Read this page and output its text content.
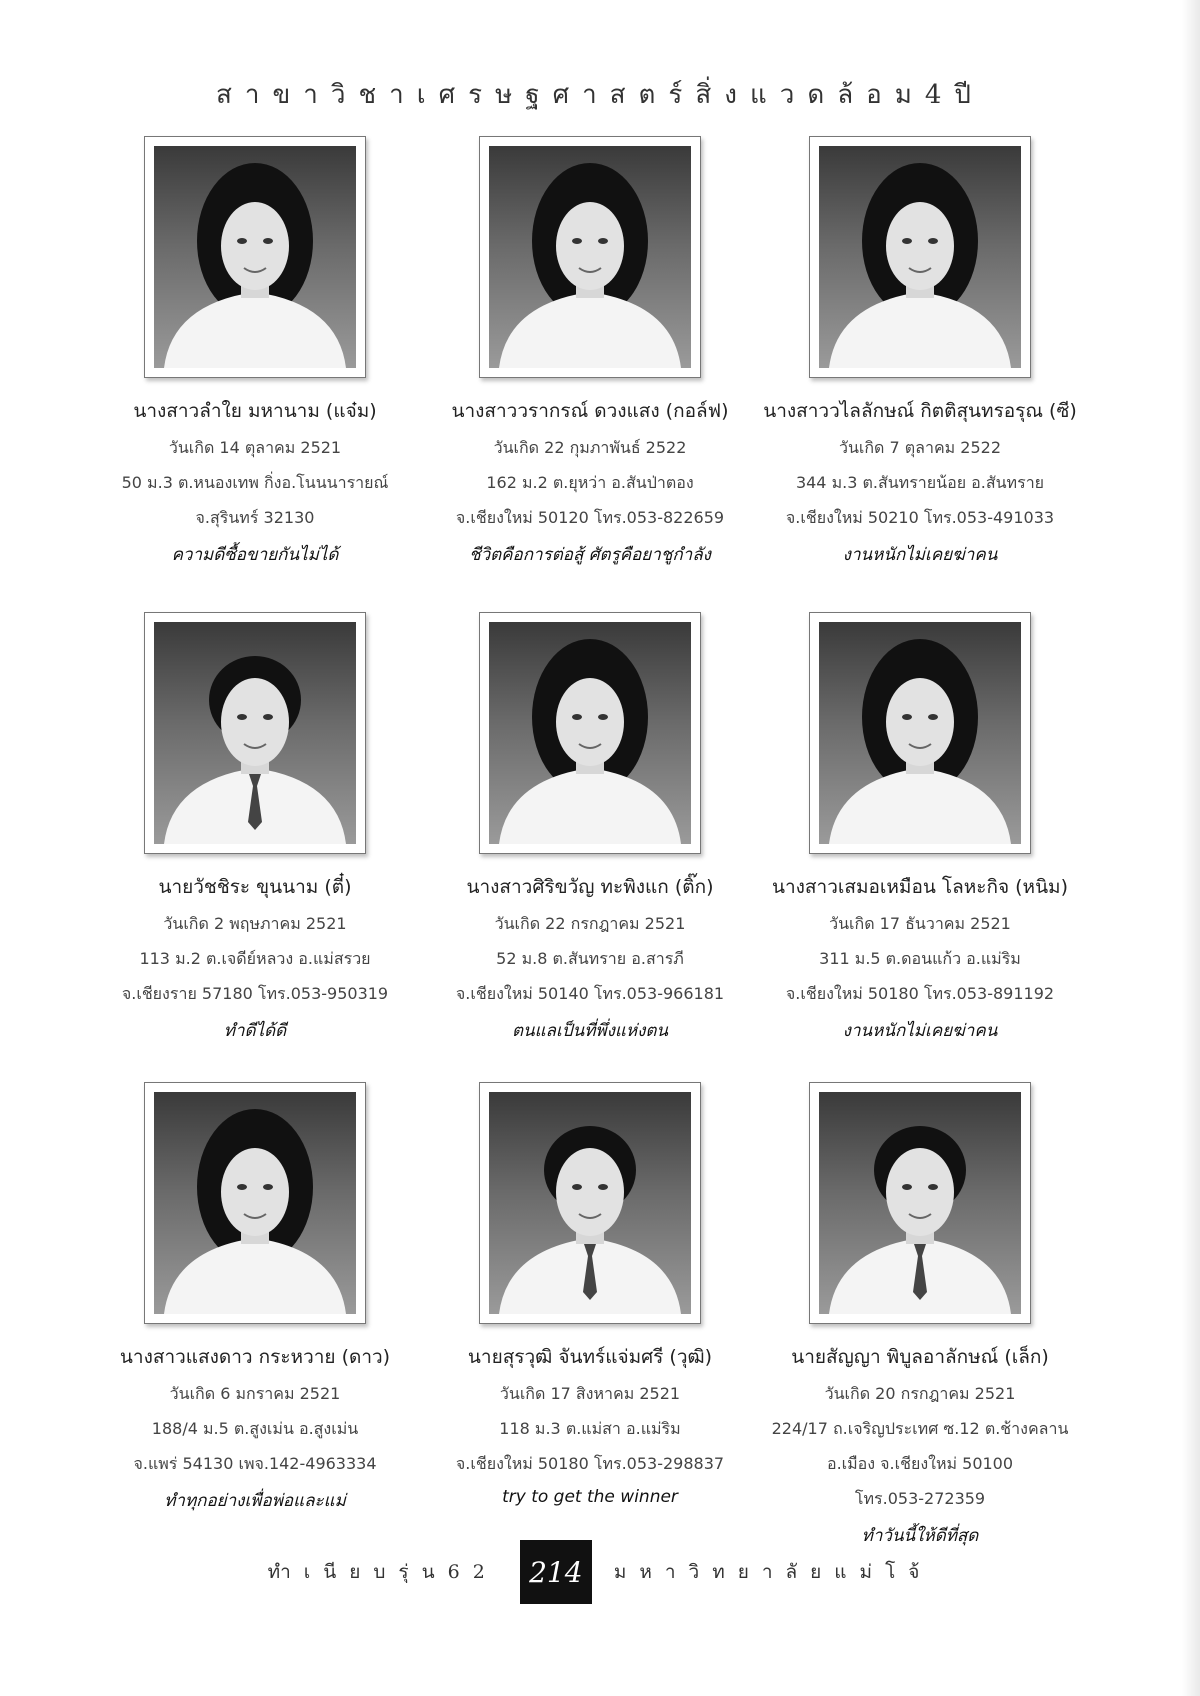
สาขาวิชาเศรษฐศาสตร์สิ่งแวดล้อม4ปี
นางสาวลำใย มหานาม (แจ๋ม)
วันเกิด 14 ตุลาคม 2521
50 ม.3 ต.หนองเทพ กิ่งอ.โนนนารายณ์
จ.สุรินทร์ 32130
ความดีซื้อขายกันไม่ได้
นางสาววรากรณ์ ดวงแสง (กอล์ฟ)
วันเกิด 22 กุมภาพันธ์ 2522
162 ม.2 ต.ยุหว่า อ.สันป่าตอง
จ.เชียงใหม่ 50120 โทร.053-822659
ชีวิตคือการต่อสู้ ศัตรูคือยาชูกำลัง
นางสาววไลลักษณ์ กิตติสุนทรอรุณ (ซี)
วันเกิด 7 ตุลาคม 2522
344 ม.3 ต.สันทรายน้อย อ.สันทราย
จ.เชียงใหม่ 50210 โทร.053-491033
งานหนักไม่เคยฆ่าคน
นายวัชชิระ ขุนนาม (ตี๋)
วันเกิด 2 พฤษภาคม 2521
113 ม.2 ต.เจดีย์หลวง อ.แม่สรวย
จ.เชียงราย 57180 โทร.053-950319
ทำดีได้ดี
นางสาวศิริขวัญ ทะพิงแก (ติ๊ก)
วันเกิด 22 กรกฎาคม 2521
52 ม.8 ต.สันทราย อ.สารภี
จ.เชียงใหม่ 50140 โทร.053-966181
ตนแลเป็นที่พึ่งแห่งตน
นางสาวเสมอเหมือน โลหะกิจ (หนิม)
วันเกิด 17 ธันวาคม 2521
311 ม.5 ต.ดอนแก้ว อ.แม่ริม
จ.เชียงใหม่ 50180 โทร.053-891192
งานหนักไม่เคยฆ่าคน
นางสาวแสงดาว กระหวาย (ดาว)
วันเกิด 6 มกราคม 2521
188/4 ม.5 ต.สูงเม่น อ.สูงเม่น
จ.แพร่ 54130 เพจ.142-4963334
ทำทุกอย่างเพื่อพ่อและแม่
นายสุรวุฒิ จันทร์แจ่มศรี (วุฒิ)
วันเกิด 17 สิงหาคม 2521
118 ม.3 ต.แม่สา อ.แม่ริม
จ.เชียงใหม่ 50180 โทร.053-298837
try to get the winner
นายสัญญา พิบูลอาลักษณ์ (เล็ก)
วันเกิด 20 กรกฎาคม 2521
224/17 ถ.เจริญประเทศ ซ.12 ต.ช้างคลาน
อ.เมือง จ.เชียงใหม่ 50100
โทร.053-272359
ทำวันนี้ให้ดีที่สุด
ทำเนียบรุ่น62	214	มหาวิทยาลัยแม่โจ้
